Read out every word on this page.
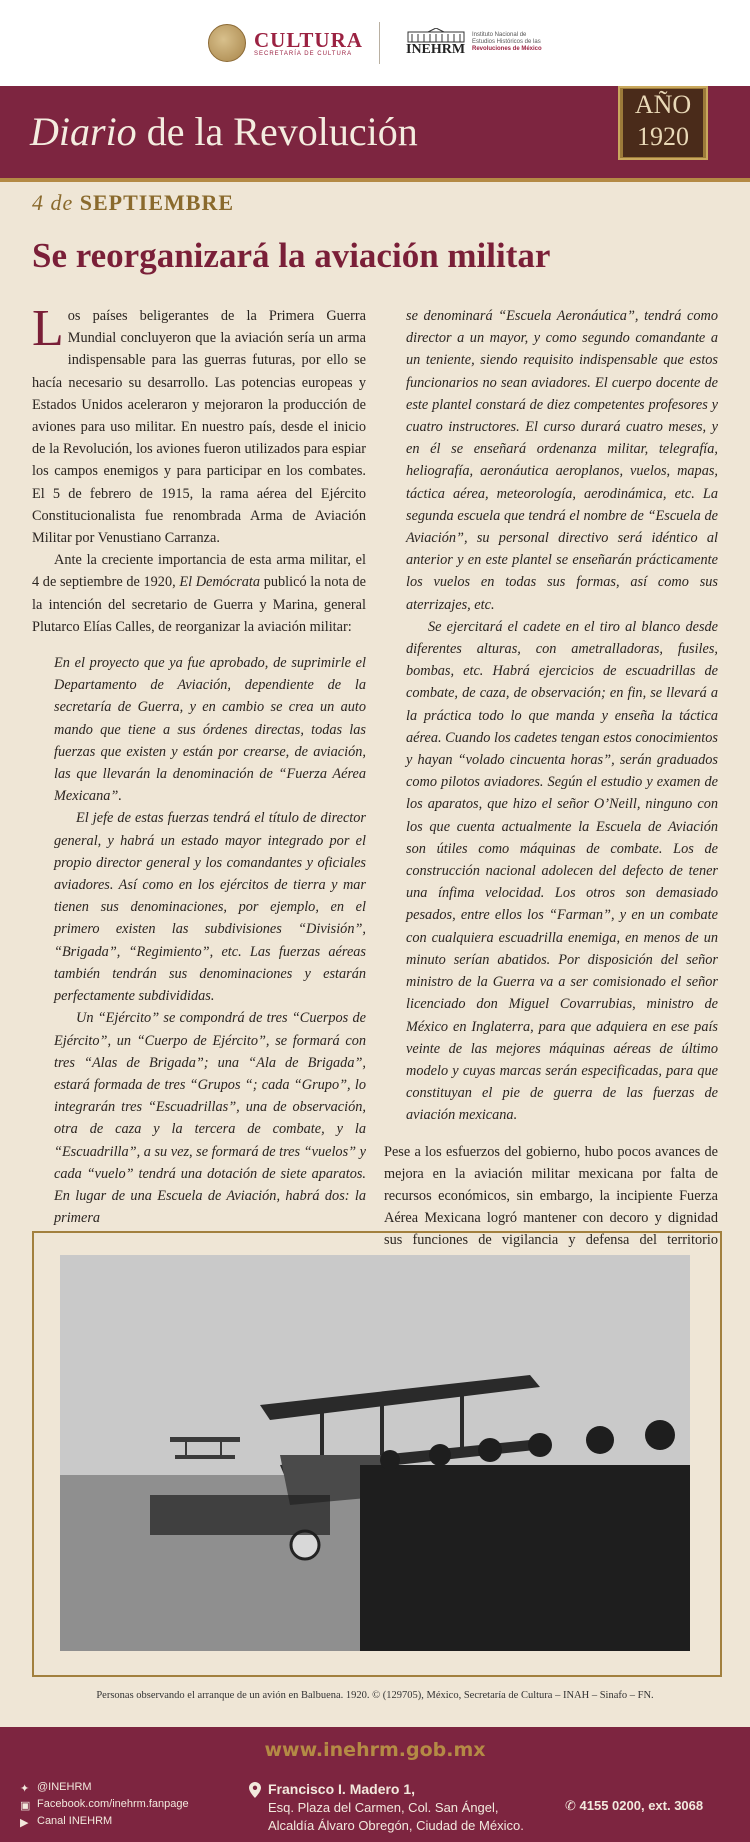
CULTURA
SECRETARÍA DE CULTURA	INEHRM
Instituto Nacional de
Estudios Históricos de las
Revoluciones de México
Diario de la Revolución
AÑO
1920
4 de SEPTIEMBRE
Se reorganizará la aviación militar

Los países beligerantes de la Primera Guerra Mundial concluyeron que la aviación sería un arma indispensable para las guerras futuras, por ello se hacía necesario su desarrollo. Las potencias europeas y Estados Unidos aceleraron y mejoraron la producción de aviones para uso militar. En nuestro país, desde el inicio de la Revolución, los aviones fueron utilizados para espiar los campos enemigos y para participar en los combates. El 5 de febrero de 1915, la rama aérea del Ejército Constitucionalista fue renombrada Arma de Aviación Militar por Venustiano Carranza.

Ante la creciente importancia de esta arma militar, el 4 de septiembre de 1920, El Demócrata publicó la nota de la intención del secretario de Guerra y Marina, general Plutarco Elías Calles, de reorganizar la aviación militar:

En el proyecto que ya fue aprobado, de suprimirle el Departamento de Aviación, dependiente de la secretaría de Guerra, y en cambio se crea un auto mando que tiene a sus órdenes directas, todas las fuerzas que existen y están por crearse, de aviación, las que llevarán la denominación de “Fuerza Aérea Mexicana”.

El jefe de estas fuerzas tendrá el título de director general, y habrá un estado mayor integrado por el propio director general y los comandantes y oficiales aviadores. Así como en los ejércitos de tierra y mar tienen sus denominaciones, por ejemplo, en el primero existen las subdivisiones “División”, “Brigada”, “Regimiento”, etc. Las fuerzas aéreas también tendrán sus denominaciones y estarán perfectamente subdivididas.

Un “Ejército” se compondrá de tres “Cuerpos de Ejército”, un “Cuerpo de Ejército”, se formará con tres “Alas de Brigada”; una “Ala de Brigada”, estará formada de tres “Grupos “; cada “Grupo”, lo integrarán tres “Escuadrillas”, una de observación, otra de caza y la tercera de combate, y la “Escuadrilla”, a su vez, se formará de tres “vuelos” y cada “vuelo” tendrá una dotación de siete aparatos. En lugar de una Escuela de Aviación, habrá dos: la primera

se denominará “Escuela Aeronáutica”, tendrá como director a un mayor, y como segundo comandante a un teniente, siendo requisito indispensable que estos funcionarios no sean aviadores. El cuerpo docente de este plantel constará de diez competentes profesores y cuatro instructores. El curso durará cuatro meses, y en él se enseñará ordenanza militar, telegrafía, heliografía, aeronáutica aeroplanos, vuelos, mapas, táctica aérea, meteorología, aerodinámica, etc. La segunda escuela que tendrá el nombre de “Escuela de Aviación”, su personal directivo será idéntico al anterior y en este plantel se enseñarán prácticamente los vuelos en todas sus formas, así como sus aterrizajes, etc.

Se ejercitará el cadete en el tiro al blanco desde diferentes alturas, con ametralladoras, fusiles, bombas, etc. Habrá ejercicios de escuadrillas de combate, de caza, de observación; en fin, se llevará a la práctica todo lo que manda y enseña la táctica aérea. Cuando los cadetes tengan estos conocimientos y hayan “volado cincuenta horas”, serán graduados como pilotos aviadores. Según el estudio y examen de los aparatos, que hizo el señor O’Neill, ninguno con los que cuenta actualmente la Escuela de Aviación son útiles como máquinas de combate. Los de construcción nacional adolecen del defecto de tener una ínfima velocidad. Los otros son demasiado pesados, entre ellos los “Farman”, y en un combate con cualquiera escuadrilla enemiga, en menos de un minuto serían abatidos. Por disposición del señor ministro de la Guerra va a ser comisionado el señor licenciado don Miguel Covarrubias, ministro de México en Inglaterra, para que adquiera en ese país veinte de las mejores máquinas aéreas de último modelo y cuyas marcas serán especificadas, para que constituyan el pie de guerra de las fuerzas de aviación mexicana.

Pese a los esfuerzos del gobierno, hubo pocos avances de mejora en la aviación militar mexicana por falta de recursos económicos, sin embargo, la incipiente Fuerza Aérea Mexicana logró mantener con decoro y dignidad sus funciones de vigilancia y defensa del territorio

Personas observando el arranque de un avión en Balbuena. 1920. © (129705), México, Secretaría de Cultura – INAH – Sinafo – FN.
www.inehrm.gob.mx
✦ @INEHRM
▣ Facebook.com/inehrm.fanpage
▶ Canal INEHRM
Francisco I. Madero 1,
Esq. Plaza del Carmen, Col. San Ángel,
Alcaldía Álvaro Obregón, Ciudad de México.
✆ 4155 0200, ext. 3068
